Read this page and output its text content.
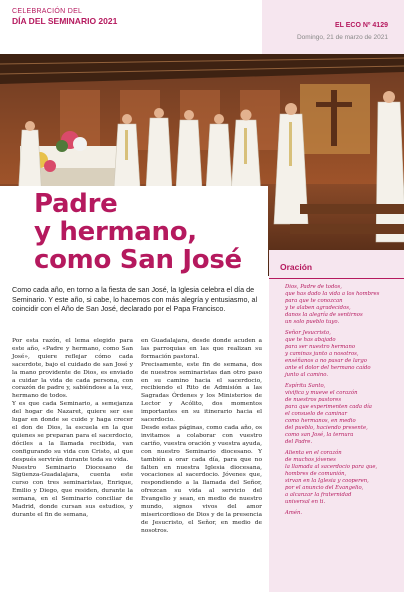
CELEBRACIÓN DEL
DÍA DEL SEMINARIO 2021	EL ECO Nº 4129
Domingo, 21 de marzo de 2021
Padre
y hermano,
como San José	Oración

Dios, Padre de todos,
que has dado la vida a los hombres
para que te conozcan
y te alaben agradecidos,
danos la alegría de sentirnos
un solo pueblo tuyo.

Señor Jesucristo,
que te has abajado
para ser nuestro hermano
y caminas junto a nosotros,
enséñanos a no pasar de largo
ante el dolor del hermano caído
junto al camino.

Espíritu Santo,
vivifica y mueve el corazón
de nuestros pastores
para que experimenten cada día
el consuelo de caminar
como hermanos, en medio
del pueblo, haciendo presente,
como san José, la ternura
del Padre.

Alienta en el corazón
de muchos jóvenes
la llamada al sacerdocio para que,
hombres de comunión,
sirvan en la Iglesia y cooperen,
por el anuncio del Evangelio,
a alcanzar la fraternidad
universal en ti.

Amén.

Como cada año, en torno a la fiesta de san José, la Iglesia celebra el día de Seminario. Y este año, si cabe, lo hacemos con más alegría y entusiasmo, al coincidir con el Año de San José, declarado por el Papa Francisco.

Por esta razón, el lema elegido para este año, «Padre y hermano, como San José», quiere reflejar cómo cada sacerdote, bajo el cuidado de san José y la mano providente de Dios, es enviado a cuidar la vida de cada persona, con corazón de padre y, sabiéndose a la vez, hermano de todos.

Y es que cada Seminario, a semejanza del hogar de Nazaret, quiere ser ese lugar en donde se cuide y haga crecer el don de Dios, la escuela en la que quienes se preparan para el sacerdocio, dóciles a la llamada recibida, van configurando su vida con Cristo, al que después servirán durante toda su vida.

Nuestro Seminario Diocesano de Sigüenza-Guadalajara, cuenta este curso con tres seminaristas, Enrique, Emilio y Diego, que residen, durante la semana, en el Seminario conciliar de Madrid, donde cursan sus estudios, y durante el fin de semana,

en Guadalajara, desde donde acuden a las parroquias en las que realizan su formación pastoral.

Precisamente, este fin de semana, dos de nuestros seminaristas dan otro paso en su camino hacia el sacerdocio, recibiendo el Rito de Admisión a las Sagradas Órdenes y los Ministerios de Lector y Acólito, dos momentos importantes en su itinerario hacia el sacerdocio.

Desde estas páginas, como cada año, os invitamos a colaborar con vuestro cariño, vuestra oración y vuestra ayuda, con nuestro Seminario diocesano. Y también a orar cada día, para que no falten en nuestra Iglesia diocesana, vocaciones al sacerdocio. Jóvenes que, respondiendo a la llamada del Señor, ofrezcan su vida al servicio del Evangelio y sean, en medio de nuestro mundo, signos vivos del amor misericordioso de Dios y de la presencia de Jesucristo, el Señor, en medio de nosotros.
